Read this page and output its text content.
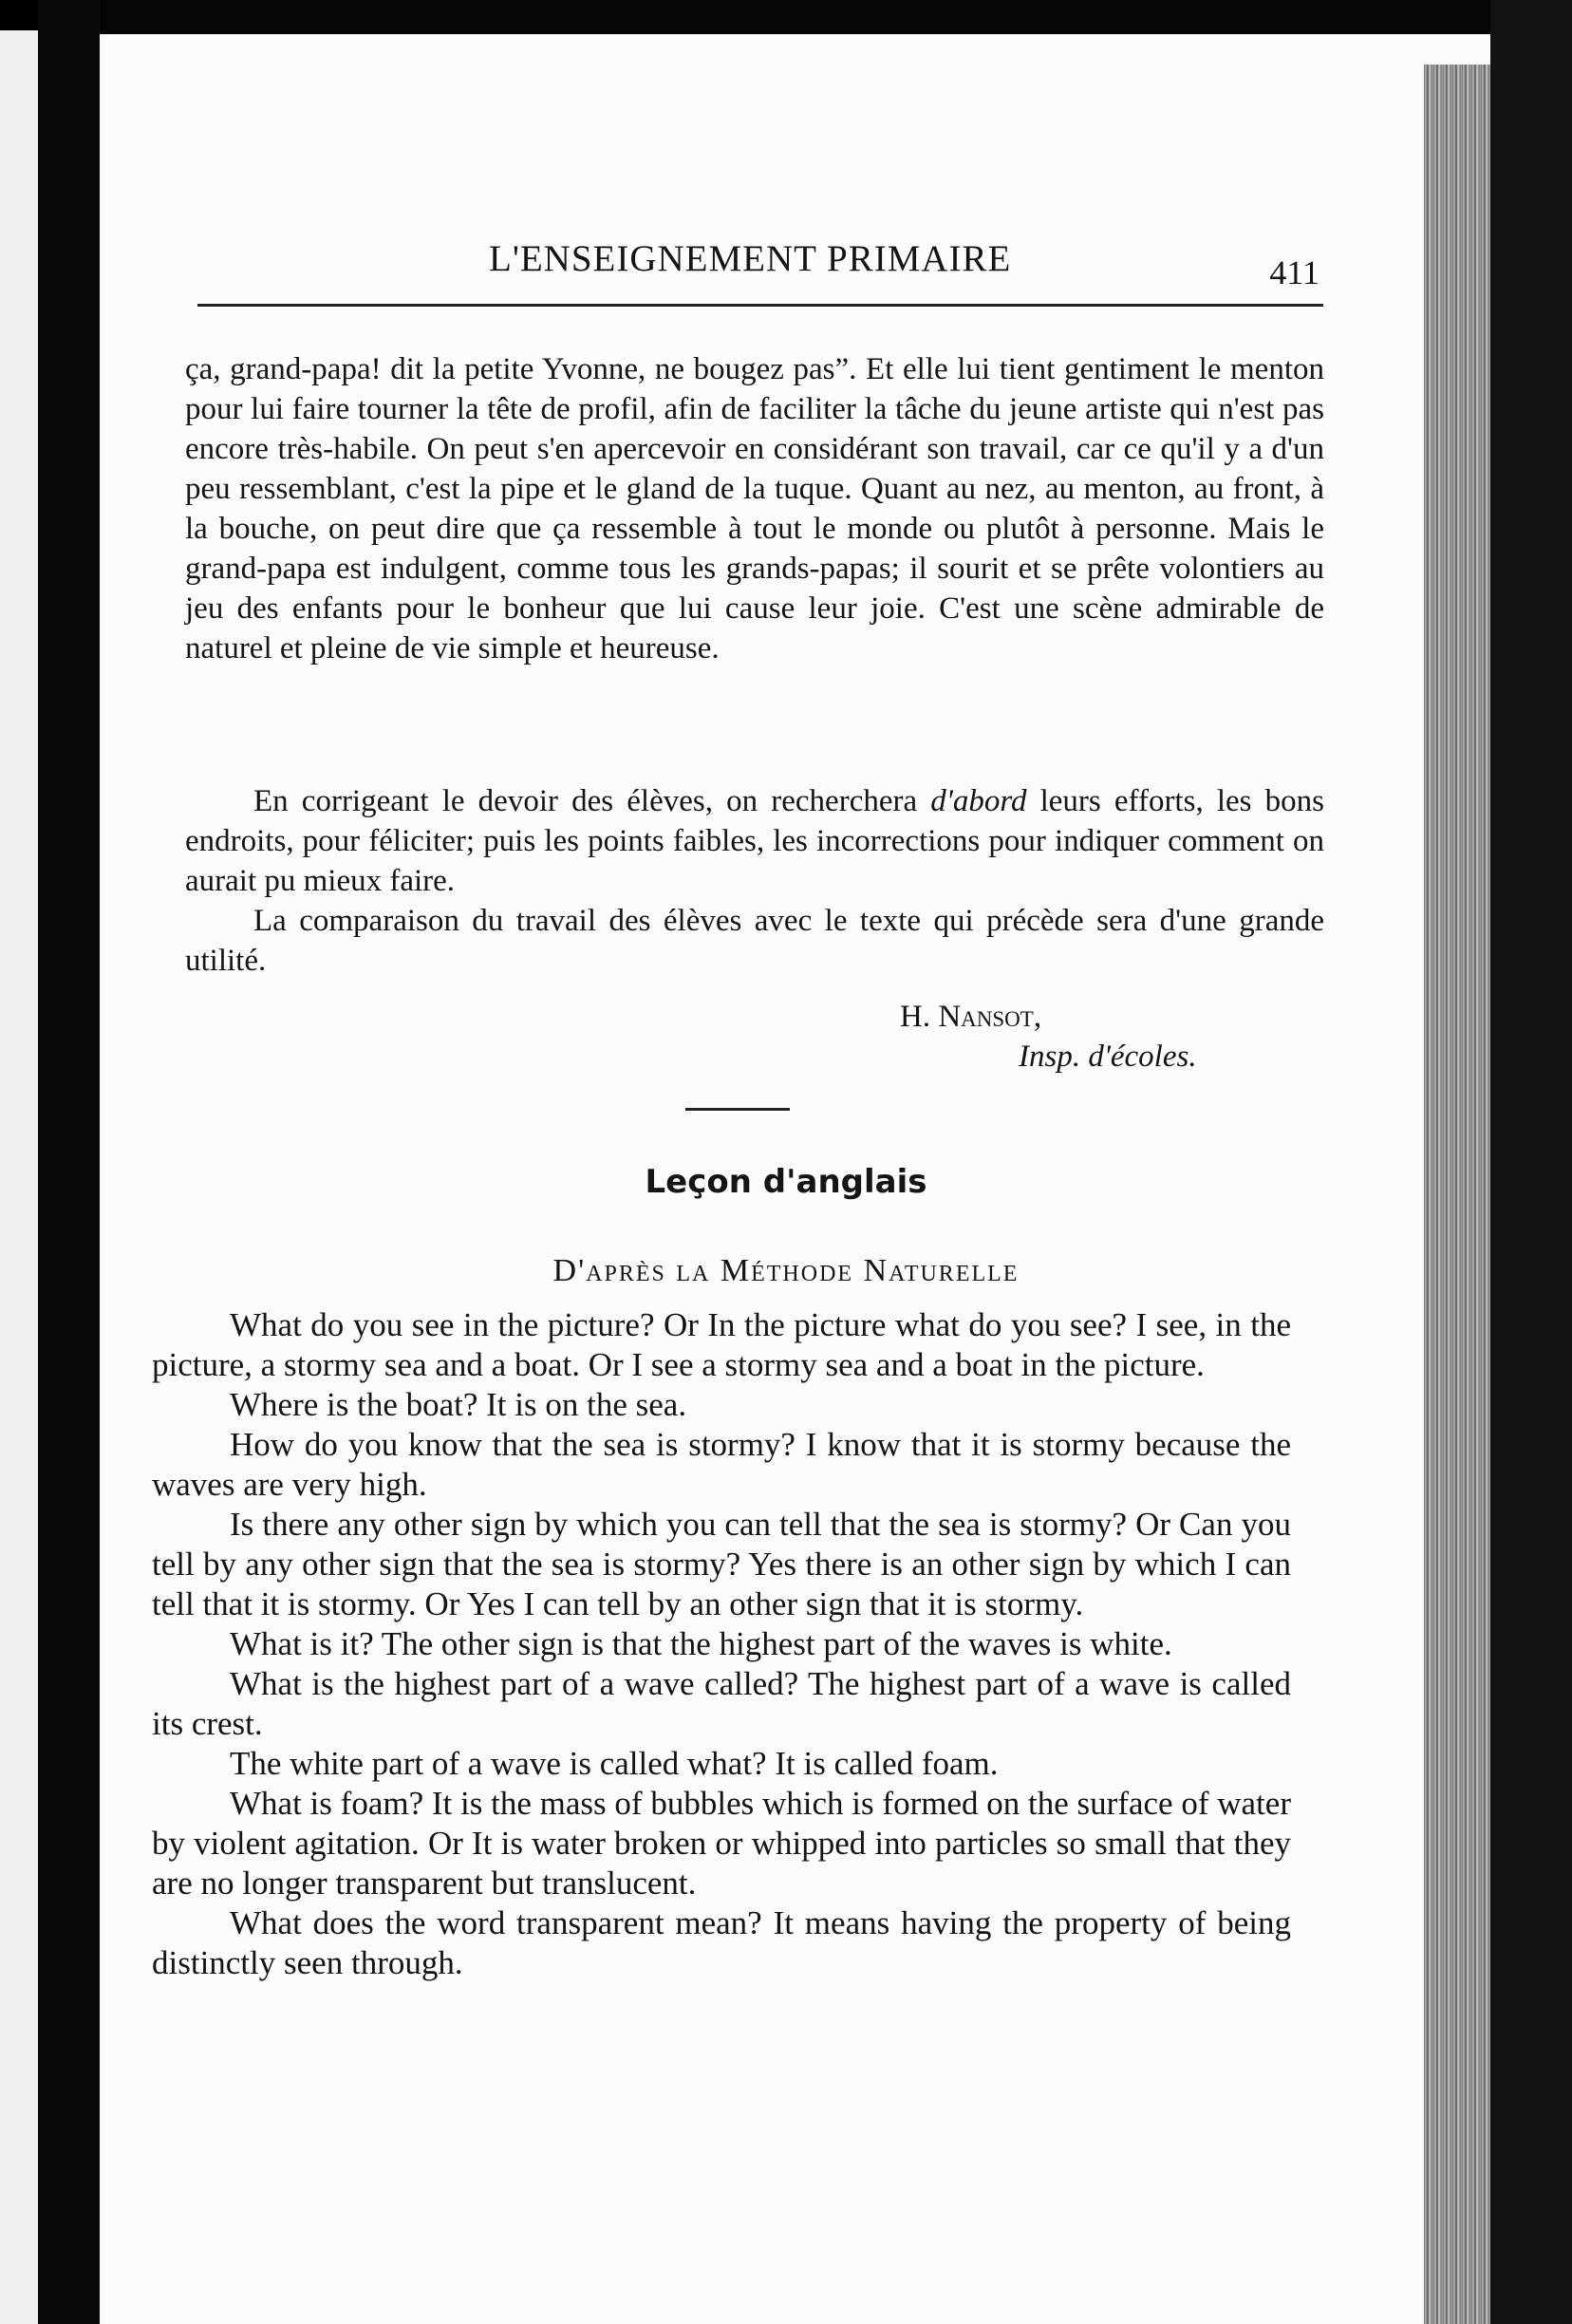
L'ENSEIGNEMENT PRIMAIRE	411

ça, grand-papa! dit la petite Yvonne, ne bougez pas”. Et elle lui tient gentiment le menton pour lui faire tourner la tête de profil, afin de faciliter la tâche du jeune artiste qui n'est pas encore très-habile. On peut s'en apercevoir en considérant son travail, car ce qu'il y a d'un peu ressemblant, c'est la pipe et le gland de la tuque. Quant au nez, au menton, au front, à la bouche, on peut dire que ça ressemble à tout le monde ou plutôt à personne. Mais le grand-papa est indulgent, comme tous les grands-papas; il sourit et se prête volontiers au jeu des enfants pour le bonheur que lui cause leur joie. C'est une scène admirable de naturel et pleine de vie simple et heureuse.

En corrigeant le devoir des élèves, on recherchera d'abord leurs efforts, les bons endroits, pour féliciter; puis les points faibles, les incorrections pour indiquer comment on aurait pu mieux faire.

La comparaison du travail des élèves avec le texte qui précède sera d'une grande utilité.

H. Nansot,
Insp. d'écoles.
Leçon d'anglais
D'après la Méthode Naturelle

What do you see in the picture? Or In the picture what do you see? I see, in the picture, a stormy sea and a boat. Or I see a stormy sea and a boat in the picture.

Where is the boat? It is on the sea.

How do you know that the sea is stormy? I know that it is stormy because the waves are very high.

Is there any other sign by which you can tell that the sea is stormy? Or Can you tell by any other sign that the sea is stormy? Yes there is an other sign by which I can tell that it is stormy. Or Yes I can tell by an other sign that it is stormy.

What is it? The other sign is that the highest part of the waves is white.

What is the highest part of a wave called? The highest part of a wave is called its crest.

The white part of a wave is called what? It is called foam.

What is foam? It is the mass of bubbles which is formed on the surface of water by violent agitation. Or It is water broken or whipped into particles so small that they are no longer transparent but translucent.

What does the word transparent mean? It means having the property of being distinctly seen through.
